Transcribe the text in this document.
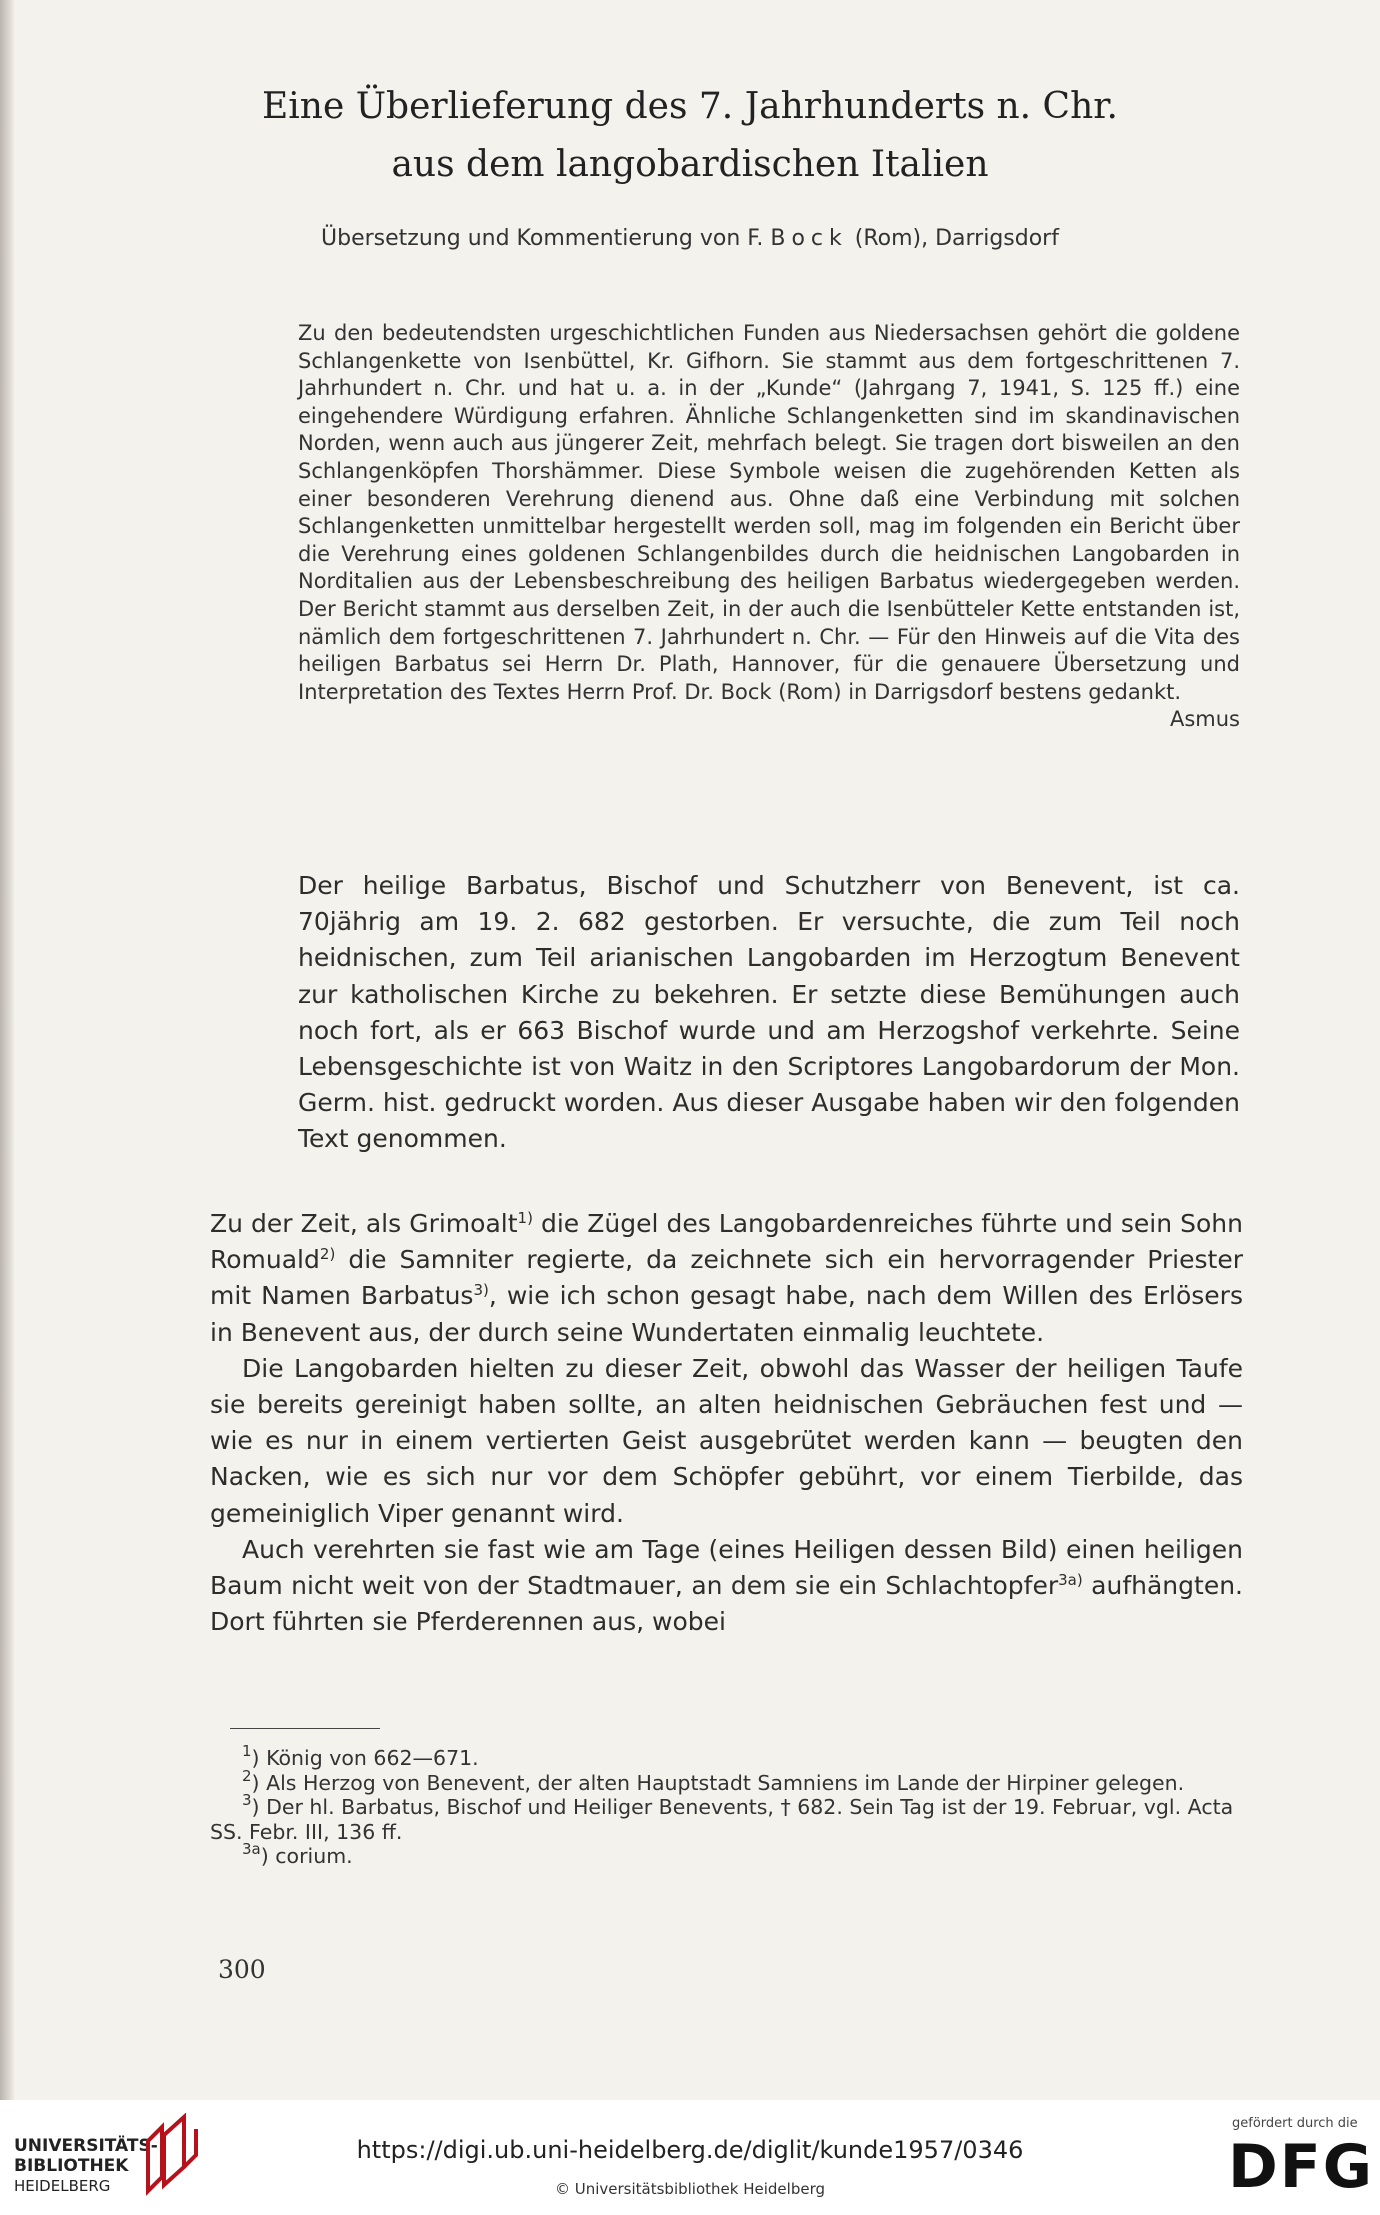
Eine Überlieferung des 7. Jahrhunderts n. Chr.
aus dem langobardischen Italien
Übersetzung und Kommentierung von F. Bock (Rom), Darrigsdorf

Zu den bedeutendsten urgeschichtlichen Funden aus Niedersachsen gehört die goldene Schlangenkette von Isenbüttel, Kr. Gifhorn. Sie stammt aus dem fortgeschrittenen 7. Jahrhundert n. Chr. und hat u. a. in der „Kunde“ (Jahrgang 7, 1941, S. 125 ff.) eine eingehendere Würdigung erfahren. Ähnliche Schlangenketten sind im skandinavischen Norden, wenn auch aus jüngerer Zeit, mehrfach belegt. Sie tragen dort bisweilen an den Schlangenköpfen Thorshämmer. Diese Symbole weisen die zugehörenden Ketten als einer besonderen Verehrung dienend aus. Ohne daß eine Verbindung mit solchen Schlangenketten unmittelbar hergestellt werden soll, mag im folgenden ein Bericht über die Verehrung eines goldenen Schlangenbildes durch die heidnischen Langobarden in Norditalien aus der Lebensbeschreibung des heiligen Barbatus wiedergegeben werden. Der Bericht stammt aus derselben Zeit, in der auch die Isenbütteler Kette entstanden ist, nämlich dem fortgeschrittenen 7. Jahrhundert n. Chr. — Für den Hinweis auf die Vita des heiligen Barbatus sei Herrn Dr. Plath, Hannover, für die genauere Übersetzung und Interpretation des Textes Herrn Prof. Dr. Bock (Rom) in Darrigsdorf bestens gedankt.
Asmus

Der heilige Barbatus, Bischof und Schutzherr von Benevent, ist ca. 70jährig am 19. 2. 682 gestorben. Er versuchte, die zum Teil noch heidnischen, zum Teil arianischen Langobarden im Herzogtum Benevent zur katholischen Kirche zu bekehren. Er setzte diese Bemühungen auch noch fort, als er 663 Bischof wurde und am Herzogshof verkehrte. Seine Lebensgeschichte ist von Waitz in den Scriptores Langobardorum der Mon. Germ. hist. gedruckt worden. Aus dieser Ausgabe haben wir den folgenden Text genommen.

Zu der Zeit, als Grimoalt$^{1)}$ die Zügel des Langobardenreiches führte und sein Sohn Romuald$^{2)}$ die Samniter regierte, da zeichnete sich ein hervorragender Priester mit Namen Barbatus$^{3)}$, wie ich schon gesagt habe, nach dem Willen des Erlösers in Benevent aus, der durch seine Wundertaten einmalig leuchtete.

Die Langobarden hielten zu dieser Zeit, obwohl das Wasser der heiligen Taufe sie bereits gereinigt haben sollte, an alten heidnischen Gebräuchen fest und — wie es nur in einem vertierten Geist ausgebrütet werden kann — beugten den Nacken, wie es sich nur vor dem Schöpfer gebührt, vor einem Tierbilde, das gemeiniglich Viper genannt wird.

Auch verehrten sie fast wie am Tage (eines Heiligen dessen Bild) einen heiligen Baum nicht weit von der Stadtmauer, an dem sie ein Schlachtopfer$^{3a)}$ aufhängten. Dort führten sie Pferderennen aus, wobei

$^1$) König von 662—671.
$^2$) Als Herzog von Benevent, der alten Hauptstadt Samniens im Lande der Hirpiner gelegen.
$^3$) Der hl. Barbatus, Bischof und Heiliger Benevents, † 682. Sein Tag ist der 19. Februar, vgl. Acta SS. Febr. III, 136 ff.
$^{3a}$) corium.
300
UNIVERSITÄTS-
BIBLIOTHEK
HEIDELBERG
https://digi.ub.uni-heidelberg.de/diglit/kunde1957/0346
© Universitätsbibliothek Heidelberg
gefördert durch die
DFG
